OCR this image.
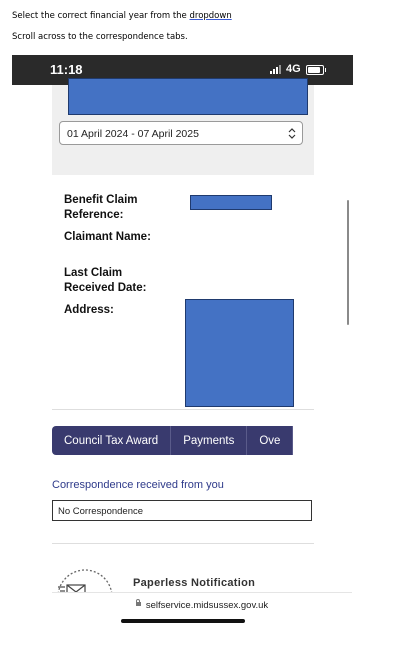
Select the correct financial year from the dropdown
Scroll across to the correspondence tabs.
11:18	4G
01 April 2024 - 07 April 2025
Benefit Claim Reference:
Claimant Name:
Last Claim Received Date:
Address:
Council Tax Award	Payments	Ove
Correspondence received from you
No Correspondence
Paperless Notification
selfservice.midsussex.gov.uk
